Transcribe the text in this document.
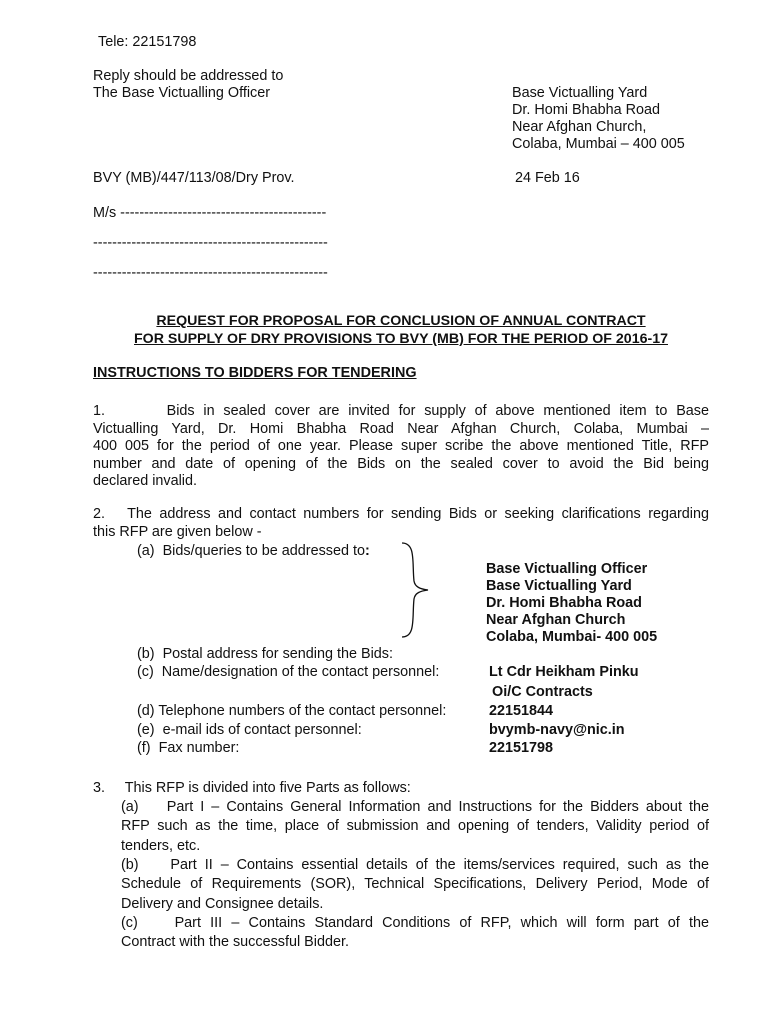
Tele: 22151798
Reply should be addressed to
The Base Victualling Officer	Base Victualling Yard
Dr. Homi Bhabha Road
Near Afghan Church,
Colaba, Mumbai – 400 005
BVY (MB)/447/113/08/Dry Prov.	24 Feb 16
M/s -------------------------------------------
-------------------------------------------------
-------------------------------------------------
REQUEST FOR PROPOSAL FOR CONCLUSION OF ANNUAL CONTRACT
FOR SUPPLY OF DRY PROVISIONS TO BVY (MB) FOR THE PERIOD OF 2016-17
INSTRUCTIONS TO BIDDERS FOR TENDERING
1.       Bids in sealed cover are invited for supply of above mentioned item to Base
Victualling Yard, Dr. Homi Bhabha Road Near Afghan Church, Colaba, Mumbai –
400 005 for the period of one year. Please super scribe the above mentioned Title, RFP
number and date of opening of the Bids on the sealed cover to avoid the Bid being
declared invalid.
2.   The address and contact numbers for sending Bids or seeking clarifications regarding
this RFP are given below -
(a)  Bids/queries to be addressed to:
Base Victualling Officer
Base Victualling Yard
Dr. Homi Bhabha Road
Near Afghan Church
Colaba, Mumbai- 400 005
(b)  Postal address for sending the Bids:
(c)  Name/designation of the contact personnel:	Lt Cdr Heikham Pinku
Oi/C Contracts
(d) Telephone numbers of the contact personnel:	22151844
(e)  e-mail ids of contact personnel:	bvymb-navy@nic.in
(f)  Fax number:	22151798
3.     This RFP is divided into five Parts as follows:
(a)    Part I – Contains General Information and Instructions for the Bidders about the
RFP such as the time, place of submission and opening of tenders, Validity period of
tenders, etc.
(b)    Part II – Contains essential details of the items/services required, such as the
Schedule of Requirements (SOR), Technical Specifications, Delivery Period, Mode of
Delivery and Consignee details.
(c)    Part III – Contains Standard Conditions of RFP, which will form part of the
Contract with the successful Bidder.
